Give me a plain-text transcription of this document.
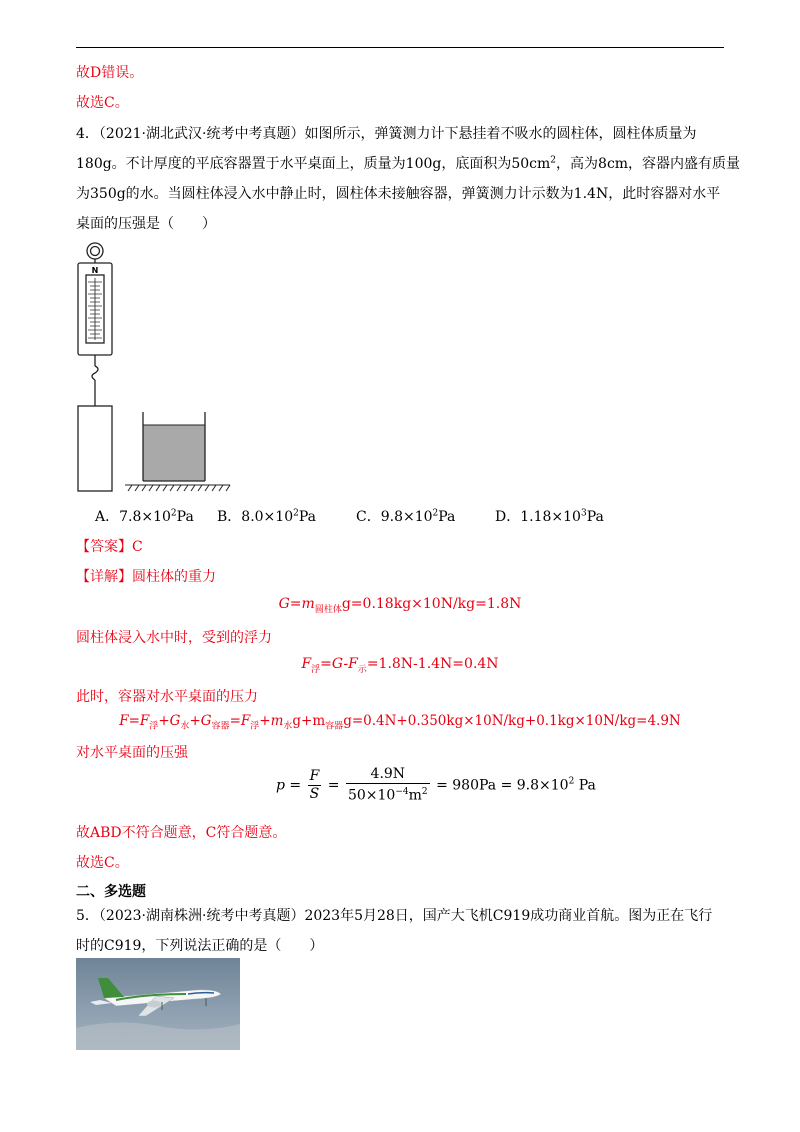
故D错误。
故选C。
4．（2021·湖北武汉·统考中考真题）如图所示，弹簧测力计下悬挂着不吸水的圆柱体，圆柱体质量为
180g。不计厚度的平底容器置于水平桌面上，质量为100g，底面积为$50cm^2$，高为8cm，容器内盛有质量
为350g的水。当圆柱体浸入水中静止时，圆柱体未接触容器，弹簧测力计示数为1.4N，此时容器对水平
桌面的压强是（　　）
N
A．$7.8\times 10^2Pa$ B．$8.0\times 10^2Pa$	C．$9.8\times 10^2Pa$	D．$1.18\times 10^3Pa$
【答案】C
【详解】圆柱体的重力
$G=m_{圆柱体}g=0.18kg\times 10N/kg=1.8N$
圆柱体浸入水中时，受到的浮力
$F_浮=G-F_示=1.8N-1.4N=0.4N$
此时，容器对水平桌面的压力
$F=F_浮+G_水+G_{容器}=F_浮+m_水g+m_{容器}g=0.4N+0.350kg\times 10N/kg+0.1kg\times 10N/kg=4.9N$
对水平桌面的压强
$p = \frac{F}{S} = \frac{4.9N}{50\times 10^{-4}m^2} = 980Pa = 9.8\times 10^2$ Pa
故ABD不符合题意，C符合题意。
故选C。
二、多选题
5．（2023·湖南株洲·统考中考真题）2023年5月28日，国产大飞机C919成功商业首航。图为正在飞行
时的C919，下列说法正确的是（　　）
